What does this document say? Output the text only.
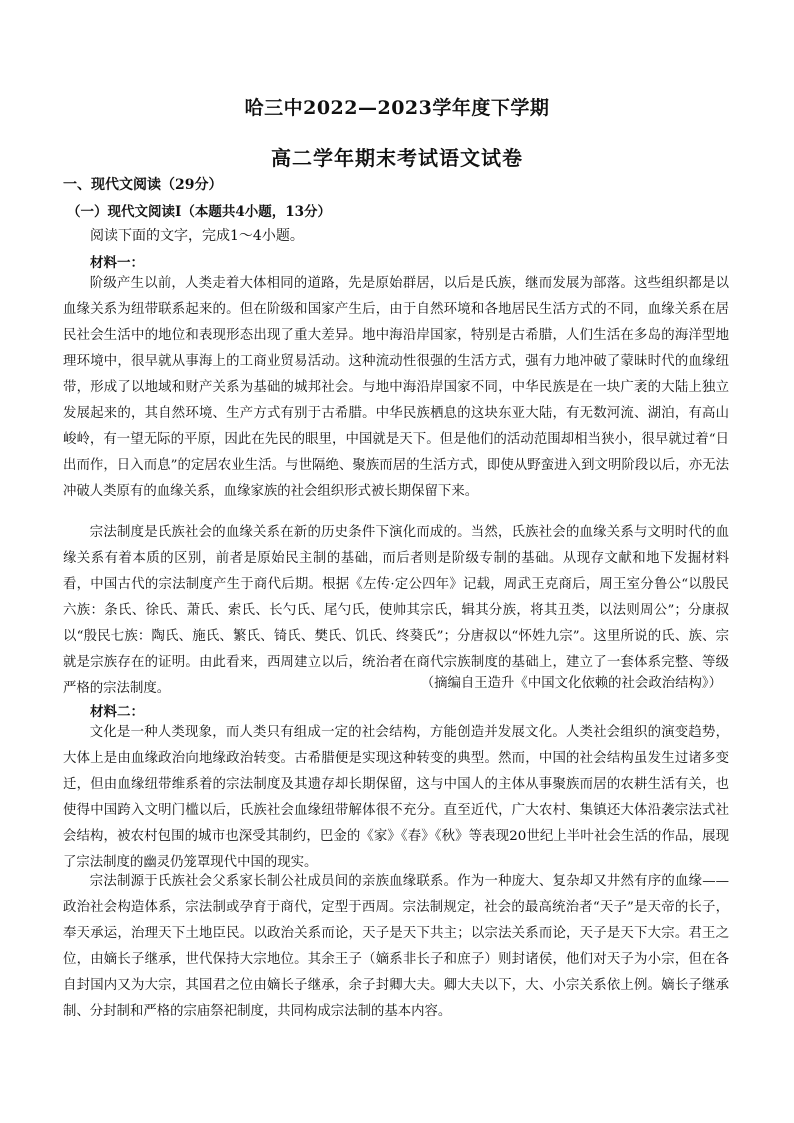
哈三中2022—2023学年度下学期
高二学年期末考试语文试卷
一、现代文阅读（29分）
（一）现代文阅读Ⅰ（本题共4小题，13分）
阅读下面的文字，完成1～4小题。
材料一：

阶级产生以前，人类走着大体相同的道路，先是原始群居，以后是氏族，继而发展为部落。这些组织都是以血缘关系为纽带联系起来的。但在阶级和国家产生后，由于自然环境和各地居民生活方式的不同，血缘关系在居民社会生活中的地位和表现形态出现了重大差异。地中海沿岸国家，特别是古希腊，人们生活在多岛的海洋型地理环境中，很早就从事海上的工商业贸易活动。这种流动性很强的生活方式，强有力地冲破了蒙昧时代的血缘纽带，形成了以地域和财产关系为基础的城邦社会。与地中海沿岸国家不同，中华民族是在一块广袤的大陆上独立发展起来的，其自然环境、生产方式有别于古希腊。中华民族栖息的这块东亚大陆，有无数河流、湖泊，有高山峻岭，有一望无际的平原，因此在先民的眼里，中国就是天下。但是他们的活动范围却相当狭小，很早就过着“日出而作，日入而息”的定居农业生活。与世隔绝、聚族而居的生活方式，即使从野蛮进入到文明阶段以后，亦无法冲破人类原有的血缘关系，血缘家族的社会组织形式被长期保留下来。

宗法制度是氏族社会的血缘关系在新的历史条件下演化而成的。当然，氏族社会的血缘关系与文明时代的血缘关系有着本质的区别，前者是原始民主制的基础，而后者则是阶级专制的基础。从现存文献和地下发掘材料看，中国古代的宗法制度产生于商代后期。根据《左传·定公四年》记载，周武王克商后，周王室分鲁公“以殷民六族：条氏、徐氏、萧氏、索氏、长勺氏、尾勺氏，使帅其宗氏，辑其分族，将其丑类，以法则周公”；分康叔以“殷民七族：陶氏、施氏、繁氏、锜氏、樊氏、饥氏、终葵氏”；分唐叔以“怀姓九宗”。这里所说的氏、族、宗就是宗族存在的证明。由此看来，西周建立以后，统治者在商代宗族制度的基础上，建立了一套体系完整、等级严格的宗法制度。	（摘编自王造升《中国文化依赖的社会政治结构》）
材料二：

文化是一种人类现象，而人类只有组成一定的社会结构，方能创造并发展文化。人类社会组织的演变趋势，大体上是由血缘政治向地缘政治转变。古希腊便是实现这种转变的典型。然而，中国的社会结构虽发生过诸多变迁，但由血缘纽带维系着的宗法制度及其遗存却长期保留，这与中国人的主体从事聚族而居的农耕生活有关，也使得中国跨入文明门槛以后，氏族社会血缘纽带解体很不充分。直至近代，广大农村、集镇还大体沿袭宗法式社会结构，被农村包围的城市也深受其制约，巴金的《家》《春》《秋》等表现20世纪上半叶社会生活的作品，展现了宗法制度的幽灵仍笼罩现代中国的现实。

宗法制源于氏族社会父系家长制公社成员间的亲族血缘联系。作为一种庞大、复杂却又井然有序的血缘——政治社会构造体系，宗法制或孕育于商代，定型于西周。宗法制规定，社会的最高统治者“天子”是天帝的长子，奉天承运，治理天下土地臣民。以政治关系而论，天子是天下共主；以宗法关系而论，天子是天下大宗。君王之位，由嫡长子继承，世代保持大宗地位。其余王子（嫡系非长子和庶子）则封诸侯，他们对天子为小宗，但在各自封国内又为大宗，其国君之位由嫡长子继承，余子封卿大夫。卿大夫以下，大、小宗关系依上例。嫡长子继承制、分封制和严格的宗庙祭祀制度，共同构成宗法制的基本内容。
